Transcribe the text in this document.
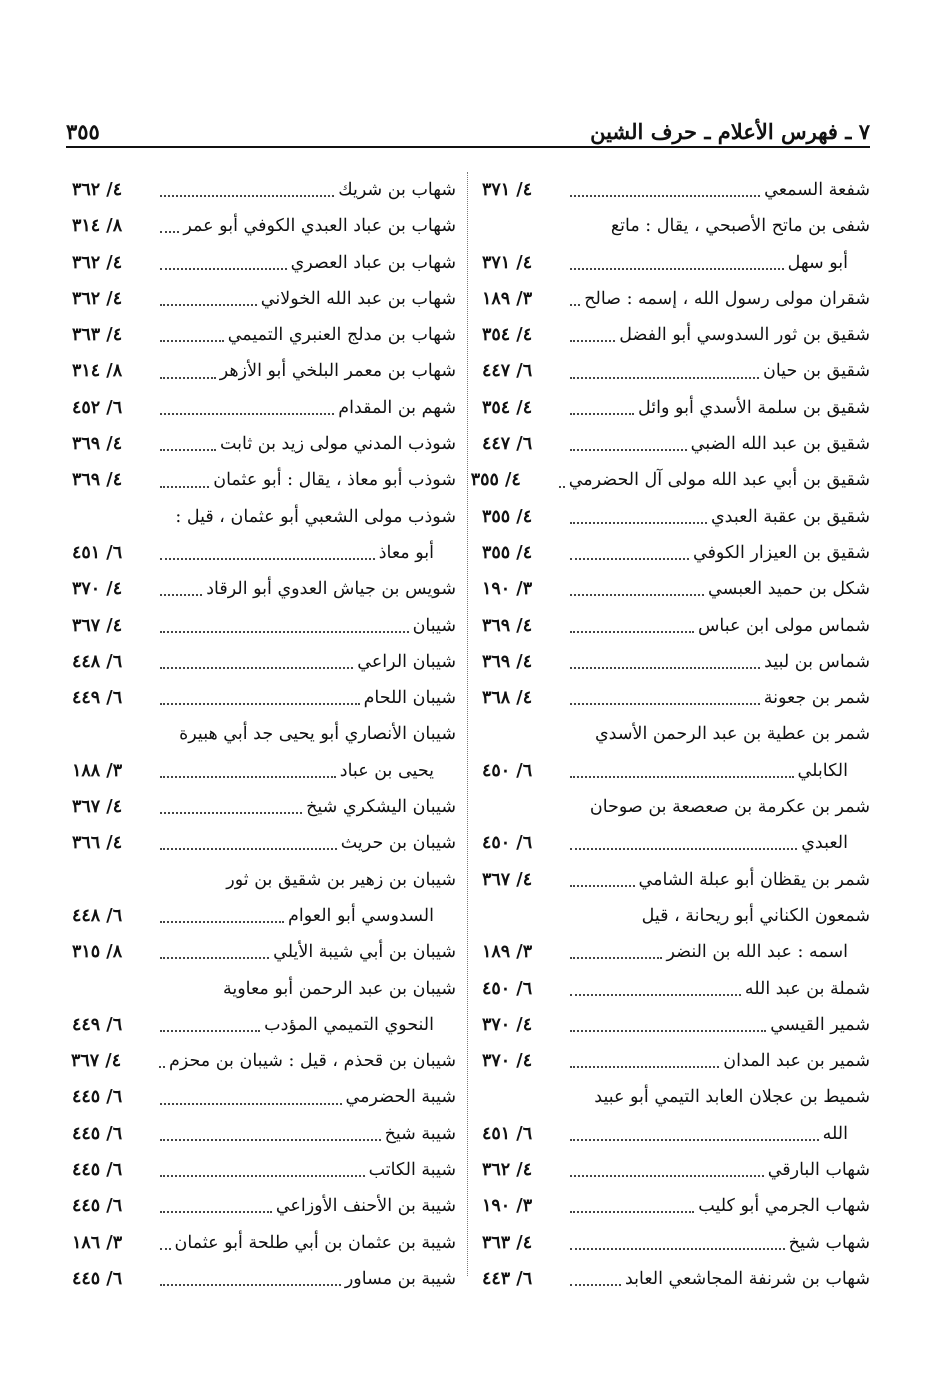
٧ ـ فهرس الأعلام ـ حرف الشين
٣٥٥
شفعة السمعي
٤/ ٣٧١
شفى بن ماتح الأصبحي ، يقال : ماتع
أبو سهل
٤/ ٣٧١
شقران مولى رسول الله ، إسمه : صالح
٣/ ١٨٩
شقيق بن ثور السدوسي أبو الفضل
٤/ ٣٥٤
شقيق بن حيان
٦/ ٤٤٧
شقيق بن سلمة الأسدي أبو وائل
٤/ ٣٥٤
شقيق بن عبد الله الضبي
٦/ ٤٤٧
شقيق بن أبي عبد الله مولى آل الحضرمي
٤/ ٣٥٥
شقيق بن عقبة العبدي
٤/ ٣٥٥
شقيق بن العيزار الكوفي
٤/ ٣٥٥
شكل بن حميد العبسي
٣/ ١٩٠
شماس مولى ابن عباس
٤/ ٣٦٩
شماس بن لبيد
٤/ ٣٦٩
شمر بن جعونة
٤/ ٣٦٨
شمر بن عطية بن عبد الرحمن الأسدي
الكابلي
٦/ ٤٥٠
شمر بن عكرمة بن صعصعة بن صوحان
العبدي
٦/ ٤٥٠
شمر بن يقظان أبو عبلة الشامي
٤/ ٣٦٧
شمعون الكناني أبو ريحانة ، قيل
اسمه : عبد الله بن النضر
٣/ ١٨٩
شملة بن عبد الله
٦/ ٤٥٠
شمير القيسي
٤/ ٣٧٠
شمير بن عبد المدان
٤/ ٣٧٠
شميط بن عجلان العابد التيمي أبو عبيد
الله
٦/ ٤٥١
شهاب البارقي
٤/ ٣٦٢
شهاب الجرمي أبو كليب
٣/ ١٩٠
شهاب شيخ
٤/ ٣٦٣
شهاب بن شرنفة المجاشعي العابد
٦/ ٤٤٣
شهاب بن شريك
٤/ ٣٦٢
شهاب بن عباد العبدي الكوفي أبو عمر
٨/ ٣١٤
شهاب بن عباد العصري
٤/ ٣٦٢
شهاب بن عبد الله الخولاني
٤/ ٣٦٢
شهاب بن مدلج العنبري التميمي
٤/ ٣٦٣
شهاب بن معمر البلخي أبو الأزهر
٨/ ٣١٤
شهم بن المقدام
٦/ ٤٥٢
شوذب المدني مولى زيد بن ثابت
٤/ ٣٦٩
شوذب أبو معاذ ، يقال : أبو عثمان
٤/ ٣٦٩
شوذب مولى الشعبي أبو عثمان ، قيل :
أبو معاذ
٦/ ٤٥١
شويس بن جياش العدوي أبو الرقاد
٤/ ٣٧٠
شيبان
٤/ ٣٦٧
شيبان الراعي
٦/ ٤٤٨
شيبان اللحام
٦/ ٤٤٩
شيبان الأنصاري أبو يحيى جد أبي هبيرة
يحيى بن عباد
٣/ ١٨٨
شيبان اليشكري شيخ
٤/ ٣٦٧
شيبان بن حريث
٤/ ٣٦٦
شيبان بن زهير بن شقيق بن ثور
السدوسي أبو العوام
٦/ ٤٤٨
شيبان بن أبي شيبة الأيلي
٨/ ٣١٥
شيبان بن عبد الرحمن أبو معاوية
النحوي التميمي المؤدب
٦/ ٤٤٩
شيبان بن قحذم ، قيل : شيبان بن محزم
٤/ ٣٦٧
شيبة الحضرمي
٦/ ٤٤٥
شيبة شيخ
٦/ ٤٤٥
شيبة الكاتب
٦/ ٤٤٥
شيبة بن الأحنف الأوزاعي
٦/ ٤٤٥
شيبة بن عثمان بن أبي طلحة أبو عثمان
٣/ ١٨٦
شيبة بن مساور
٦/ ٤٤٥
